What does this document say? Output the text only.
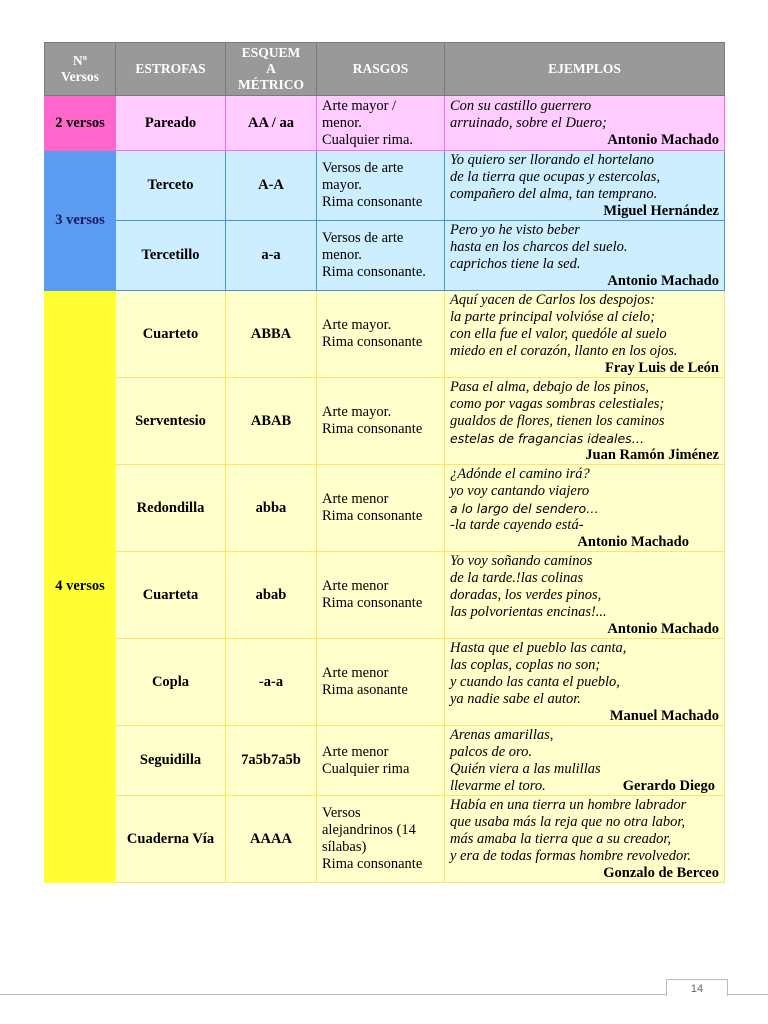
Nº
Versos	ESTROFAS	ESQUEM
A
MÉTRICO	RASGOS	EJEMPLOS
2 versos	Pareado	AA / aa	Arte mayor /
menor.
Cualquier rima.	Con su castillo guerrero
arruinado, sobre el Duero;
Antonio Machado

3 versos	Terceto	A-A	Versos de arte
mayor.
Rima consonante	Yo quiero ser llorando el hortelano
de la tierra que ocupas y estercolas,
compañero del alma, tan temprano.
Miguel Hernández

	Tercetillo	a-a	Versos de arte
menor.
Rima consonante.	Pero yo he visto beber
hasta en los charcos del suelo.
caprichos tiene la sed.
Antonio Machado

4 versos	Cuarteto	ABBA	Arte mayor.
Rima consonante	Aquí yacen de Carlos los despojos:
la parte principal volvióse al cielo;
con ella fue el valor, quedóle al suelo
miedo en el corazón, llanto en los ojos.
Fray Luis de León

	Serventesio	ABAB	Arte mayor.
Rima consonante	Pasa el alma, debajo de los pinos,
como por vagas sombras celestiales;
gualdos de flores, tienen los caminos
estelas de fragancias ideales…
Juan Ramón Jiménez

	Redondilla	abba	Arte menor
Rima consonante	¿Adónde el camino irá?
yo voy cantando viajero
a lo largo del sendero…
-la tarde cayendo está-
Antonio Machado

	Cuarteta	abab	Arte menor
Rima consonante	Yo voy soñando caminos
de la tarde.!las colinas
doradas, los verdes pinos,
las polvorientas encinas!...
Antonio Machado

	Copla	-a-a	Arte menor
Rima asonante	Hasta que el pueblo las canta,
las coplas, coplas no son;
y cuando las canta el pueblo,
ya nadie sabe el autor.
Manuel Machado

	Seguidilla	7a5b7a5b	Arte menor
Cualquier rima	Arenas amarillas,
palcos de oro.
Quién viera a las mulillas
llevarme el toro. Gerardo Diego

	Cuaderna Vía	AAAA	Versos
alejandrinos (14
sílabas)
Rima consonante	Había en una tierra un hombre labrador
que usaba más la reja que no otra labor,
más amaba la tierra que a su creador,
y era de todas formas hombre revolvedor.
Gonzalo de Berceo
14
